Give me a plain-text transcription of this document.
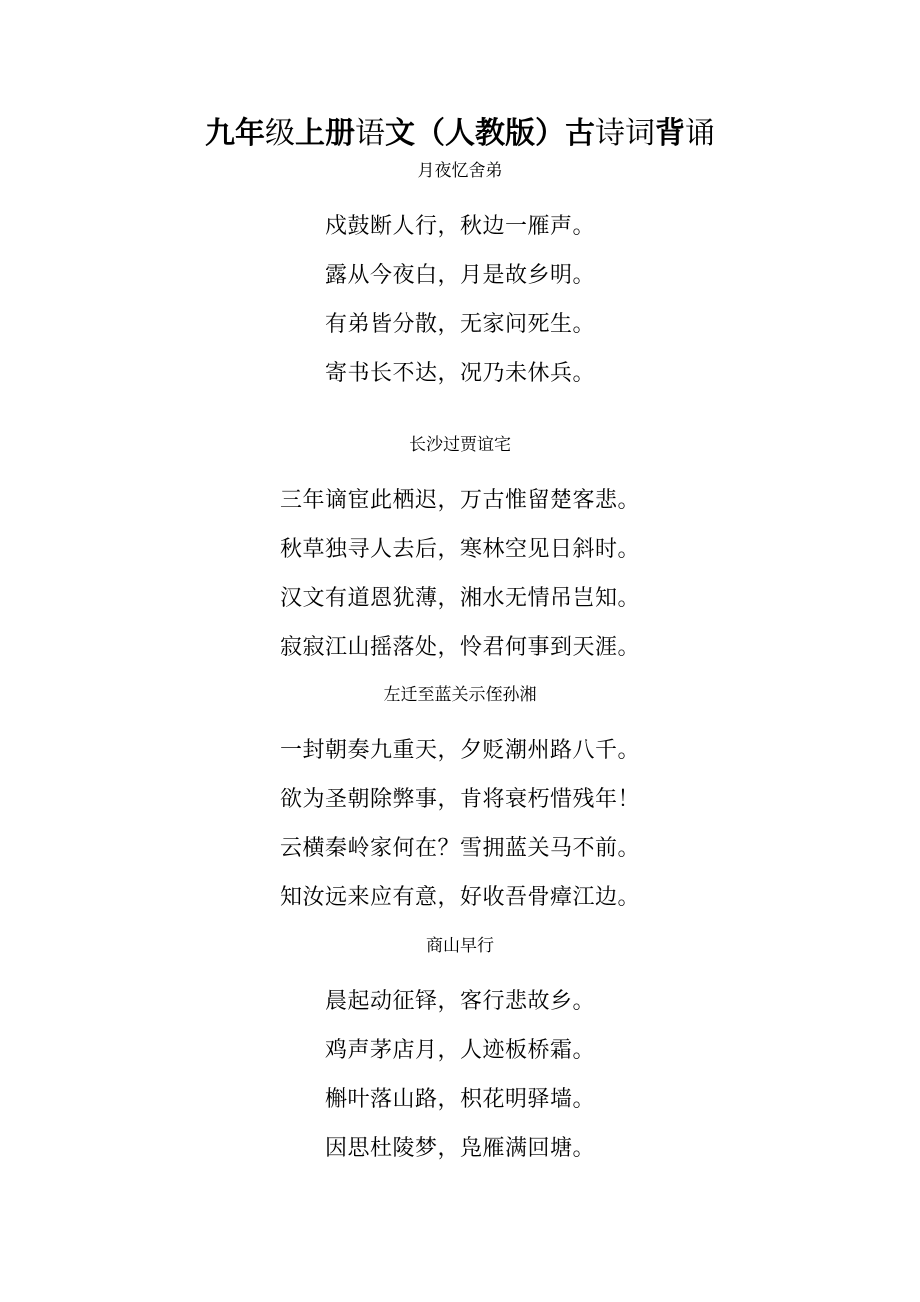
九年级上册语文（人教版）古诗词背诵
月夜忆舍弟
戍鼓断人行，秋边一雁声。
露从今夜白，月是故乡明。
有弟皆分散，无家问死生。
寄书长不达，况乃未休兵。
长沙过贾谊宅
三年谪宦此栖迟，万古惟留楚客悲。
秋草独寻人去后，寒林空见日斜时。
汉文有道恩犹薄，湘水无情吊岂知。
寂寂江山摇落处，怜君何事到天涯。
左迁至蓝关示侄孙湘
一封朝奏九重天，夕贬潮州路八千。
欲为圣朝除弊事，肯将衰朽惜残年！
云横秦岭家何在？雪拥蓝关马不前。
知汝远来应有意，好收吾骨瘴江边。
商山早行
晨起动征铎，客行悲故乡。
鸡声茅店月，人迹板桥霜。
槲叶落山路，枳花明驿墙。
因思杜陵梦，凫雁满回塘。
